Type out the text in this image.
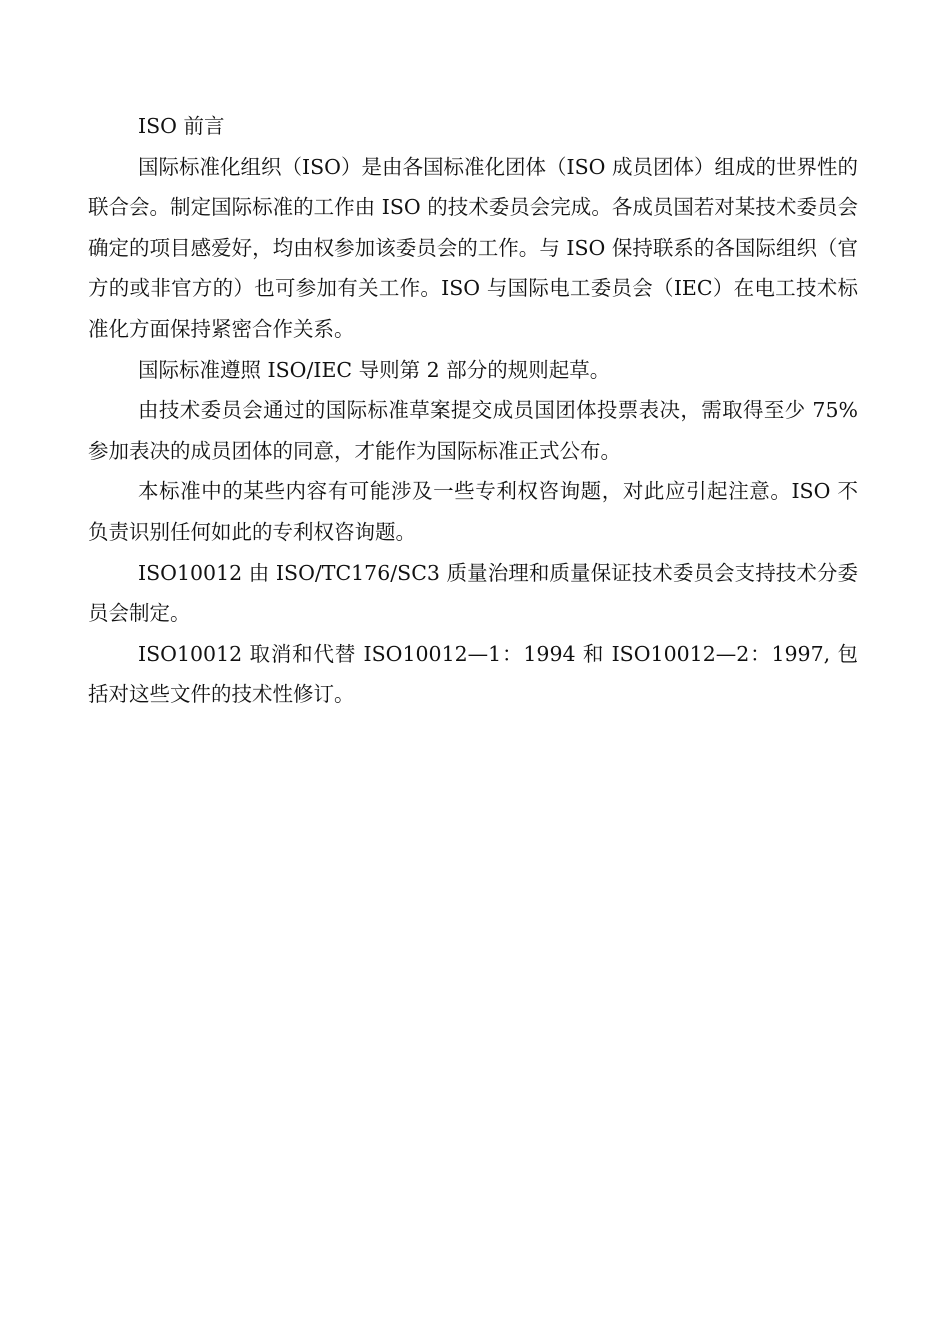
ISO 前言

国际标准化组织（ISO）是由各国标准化团体（ISO 成员团体）组成的世界性的联合会。制定国际标准的工作由 ISO 的技术委员会完成。各成员国若对某技术委员会确定的项目感爱好，均由权参加该委员会的工作。与 ISO 保持联系的各国际组织（官方的或非官方的）也可参加有关工作。ISO 与国际电工委员会（IEC）在电工技术标准化方面保持紧密合作关系。

国际标准遵照 ISO/IEC 导则第 2 部分的规则起草。

由技术委员会通过的国际标准草案提交成员国团体投票表决，需取得至少 75%参加表决的成员团体的同意，才能作为国际标准正式公布。

本标准中的某些内容有可能涉及一些专利权咨询题，对此应引起注意。ISO 不负责识别任何如此的专利权咨询题。

ISO10012 由 ISO/TC176/SC3 质量治理和质量保证技术委员会支持技术分委员会制定。

ISO10012 取消和代替 ISO10012—1：1994 和 ISO10012—2：1997, 包括对这些文件的技术性修订。
